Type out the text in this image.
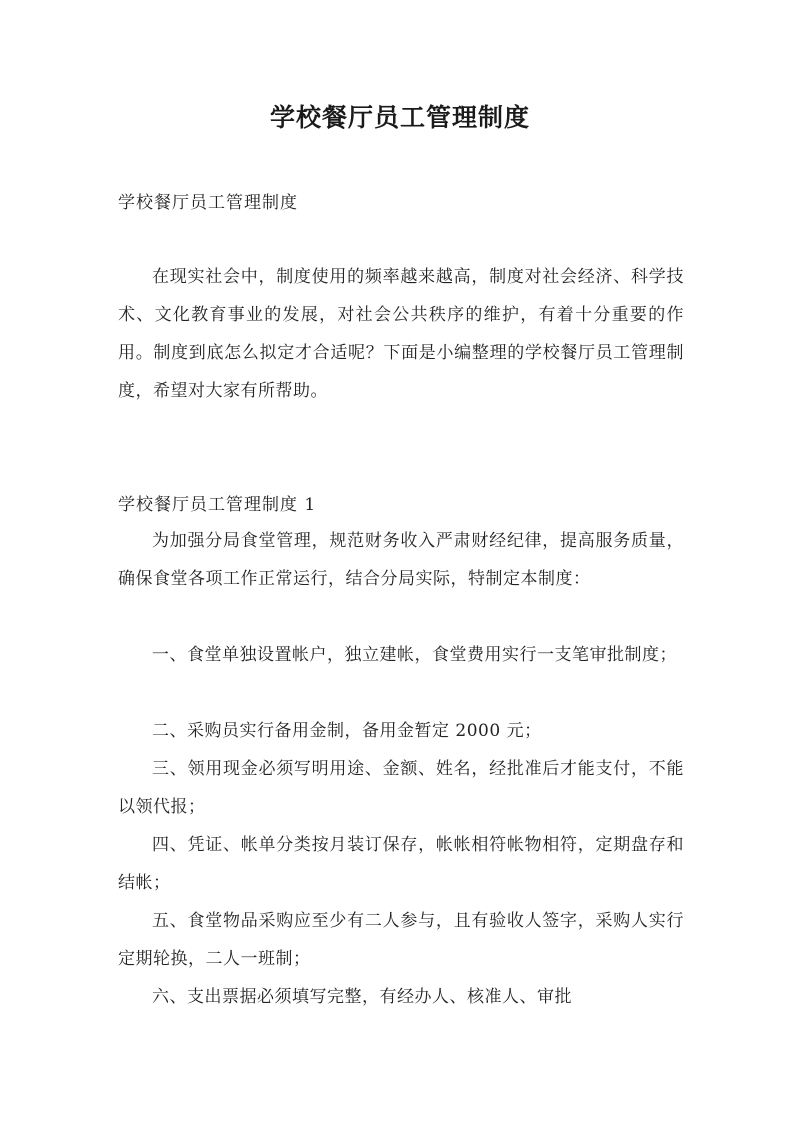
学校餐厅员工管理制度
学校餐厅员工管理制度
在现实社会中，制度使用的频率越来越高，制度对社会经济、科学技术、文化教育事业的发展，对社会公共秩序的维护，有着十分重要的作用。制度到底怎么拟定才合适呢？下面是小编整理的学校餐厅员工管理制度，希望对大家有所帮助。
学校餐厅员工管理制度 1
为加强分局食堂管理，规范财务收入严肃财经纪律，提高服务质量，确保食堂各项工作正常运行，结合分局实际，特制定本制度：
一、食堂单独设置帐户，独立建帐，食堂费用实行一支笔审批制度；
二、采购员实行备用金制，备用金暂定 2000 元；
三、领用现金必须写明用途、金额、姓名，经批准后才能支付，不能以领代报；
四、凭证、帐单分类按月装订保存，帐帐相符帐物相符，定期盘存和结帐；
五、食堂物品采购应至少有二人参与，且有验收人签字，采购人实行定期轮换，二人一班制；
六、支出票据必须填写完整，有经办人、核准人、审批
